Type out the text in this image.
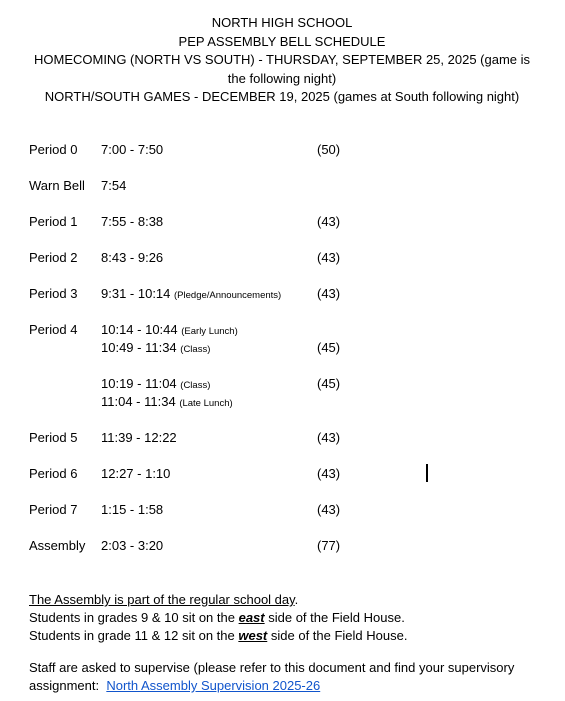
NORTH HIGH SCHOOL
PEP ASSEMBLY BELL SCHEDULE
HOMECOMING (NORTH VS SOUTH) - THURSDAY, SEPTEMBER 25, 2025 (game is the following night)
NORTH/SOUTH GAMES - DECEMBER 19, 2025 (games at South following night)
Period 0 7:00 - 7:50	(50)
Warn Bell 7:54
Period 1 7:55 - 8:38	(43)
Period 2 8:43 - 9:26	(43)
Period 3 9:31 - 10:14 (Pledge/Announcements)	(43)
Period 4 10:14 - 10:44 (Early Lunch)
10:49 - 11:34 (Class)	(45)
10:19 - 11:04 (Class)	(45)
11:04 - 11:34 (Late Lunch)
Period 5 11:39 - 12:22	(43)
Period 6 12:27 - 1:10	(43)
Period 7 1:15 - 1:58	(43)
Assembly 2:03 - 3:20	(77)
The Assembly is part of the regular school day.
Students in grades 9 & 10 sit on the east side of the Field House.
Students in grade 11 & 12 sit on the west side of the Field House.
Staff are asked to supervise (please refer to this document and find your supervisory assignment: North Assembly Supervision 2025-26
